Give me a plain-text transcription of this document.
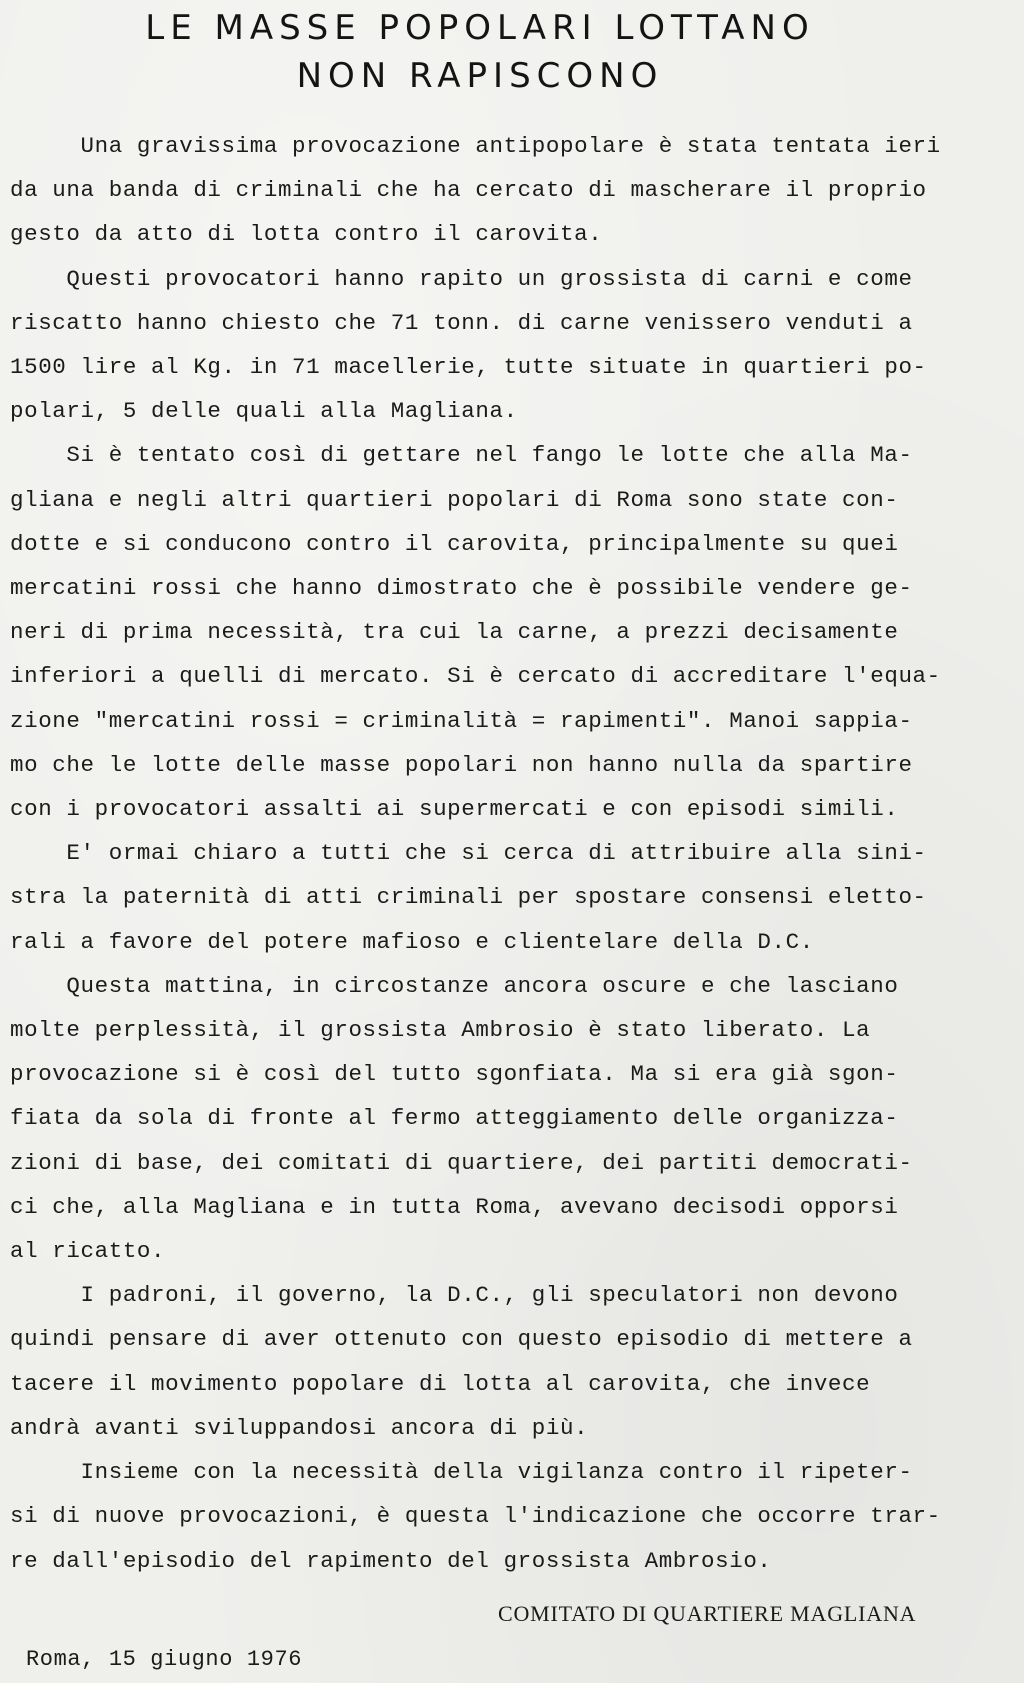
LE MASSE POPOLARI LOTTANO
NON RAPISCONO
Una gravissima provocazione antipopolare è stata tentata ieri
da una banda di criminali che ha cercato di mascherare il proprio
gesto da atto di lotta contro il carovita.
Questi provocatori hanno rapito un grossista di carni e come
riscatto hanno chiesto che 71 tonn. di carne venissero venduti a
1500 lire al Kg. in 71 macellerie, tutte situate in quartieri po-
polari, 5 delle quali alla Magliana.
Si è tentato così di gettare nel fango le lotte che alla Ma-
gliana e negli altri quartieri popolari di Roma sono state con-
dotte e si conducono contro il carovita, principalmente su quei
mercatini rossi che hanno dimostrato che è possibile vendere ge-
neri di prima necessità, tra cui la carne, a prezzi decisamente
inferiori a quelli di mercato. Si è cercato di accreditare l'equa-
zione "mercatini rossi = criminalità = rapimenti". Manoi sappia-
mo che le lotte delle masse popolari non hanno nulla da spartire
con i provocatori assalti ai supermercati e con episodi simili.
E' ormai chiaro a tutti che si cerca di attribuire alla sini-
stra la paternità di atti criminali per spostare consensi eletto-
rali a favore del potere mafioso e clientelare della D.C.
Questa mattina, in circostanze ancora oscure e che lasciano
molte perplessità, il grossista Ambrosio è stato liberato. La
provocazione si è così del tutto sgonfiata. Ma si era già sgon-
fiata da sola di fronte al fermo atteggiamento delle organizza-
zioni di base, dei comitati di quartiere, dei partiti democrati-
ci che, alla Magliana e in tutta Roma, avevano decisodi opporsi
al ricatto.
I padroni, il governo, la D.C., gli speculatori non devono
quindi pensare di aver ottenuto con questo episodio di mettere a
tacere il movimento popolare di lotta al carovita, che invece
andrà avanti sviluppandosi ancora di più.
Insieme con la necessità della vigilanza contro il ripeter-
si di nuove provocazioni, è questa l'indicazione che occorre trar-
re dall'episodio del rapimento del grossista Ambrosio.
COMITATO DI QUARTIERE MAGLIANA
Roma, 15 giugno 1976
